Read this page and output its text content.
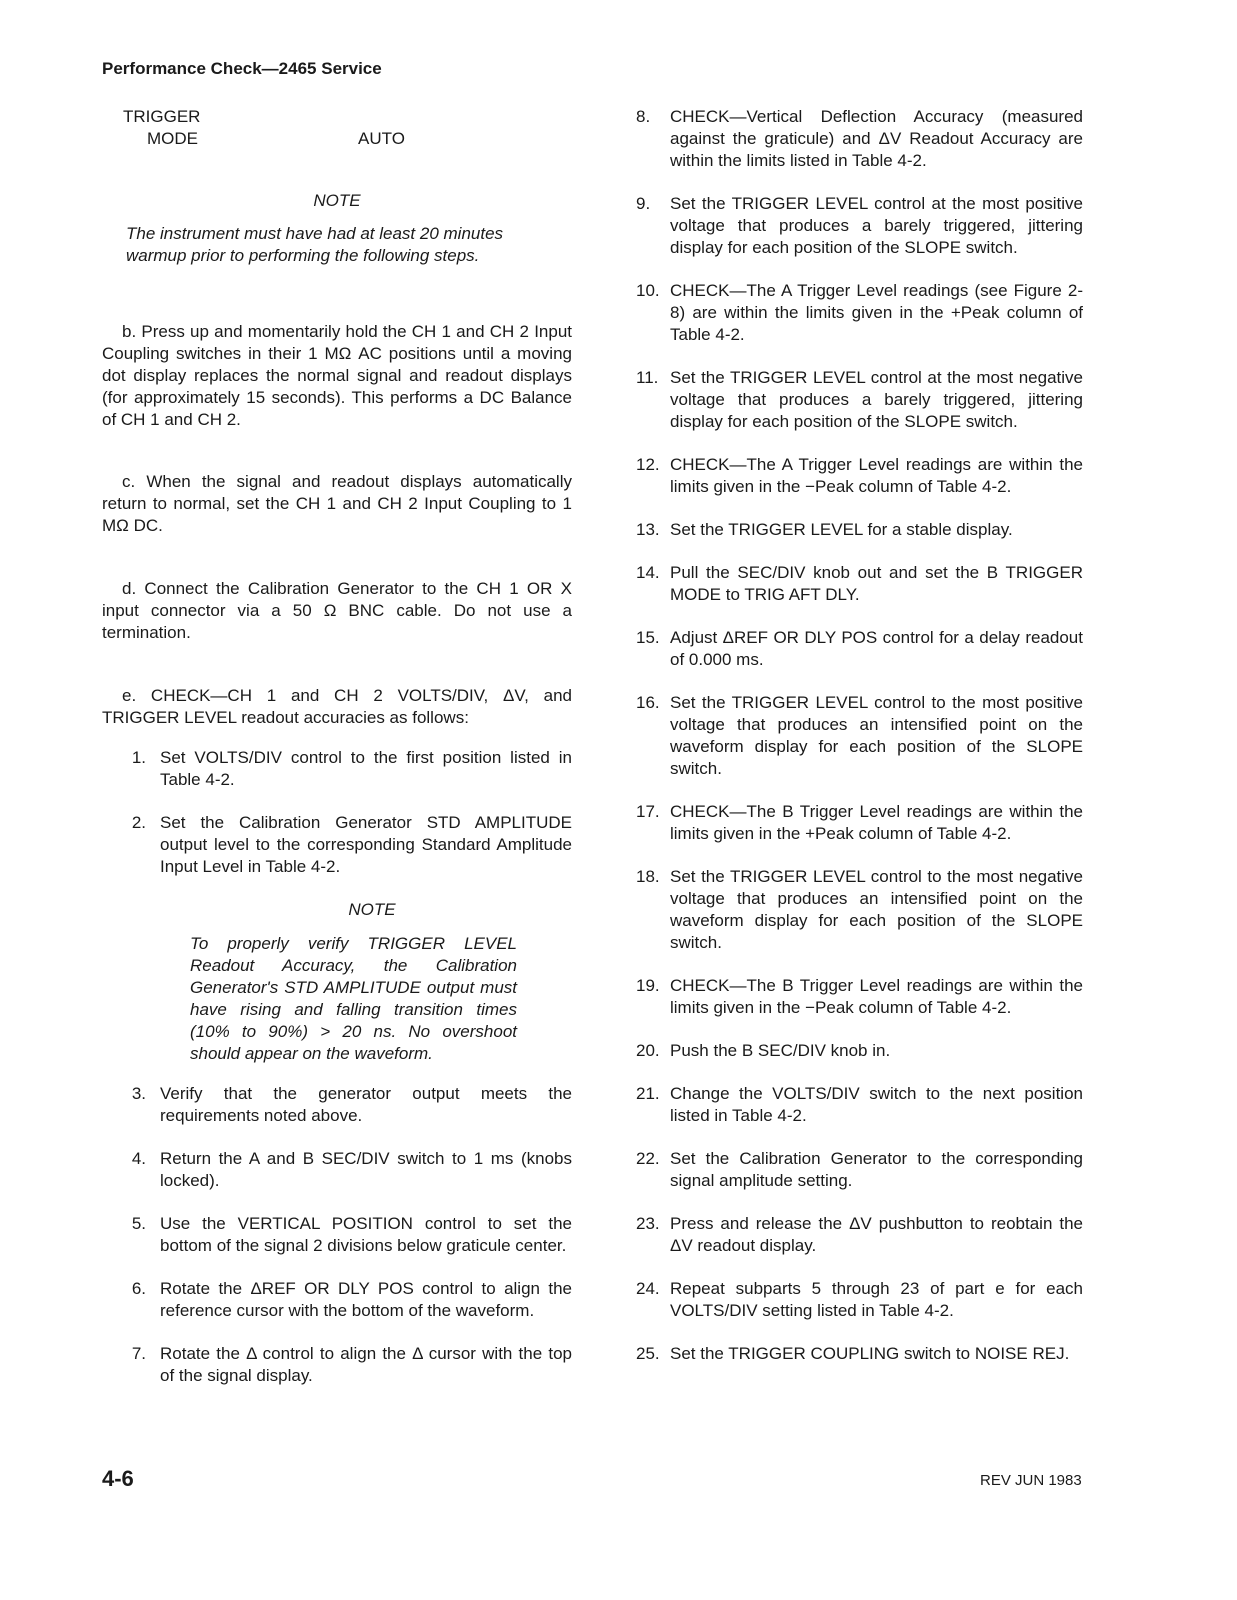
Performance Check—2465 Service
TRIGGER
MODE	AUTO
NOTE
The instrument must have had at least 20 minutes warmup prior to performing the following steps.
b. Press up and momentarily hold the CH 1 and CH 2 Input Coupling switches in their 1 MΩ AC positions until a moving dot display replaces the normal signal and readout displays (for approximately 15 seconds). This performs a DC Balance of CH 1 and CH 2.
c. When the signal and readout displays automatically return to normal, set the CH 1 and CH 2 Input Coupling to 1 MΩ DC.
d. Connect the Calibration Generator to the CH 1 OR X input connector via a 50 Ω BNC cable. Do not use a termination.
e. CHECK—CH 1 and CH 2 VOLTS/DIV, ΔV, and TRIGGER LEVEL readout accuracies as follows:
1. Set VOLTS/DIV control to the first position listed in Table 4-2.
2. Set the Calibration Generator STD AMPLITUDE output level to the corresponding Standard Amplitude Input Level in Table 4-2.
NOTE
To properly verify TRIGGER LEVEL Readout Accuracy, the Calibration Generator's STD AMPLITUDE output must have rising and falling transition times (10% to 90%) > 20 ns. No overshoot should appear on the waveform.
3. Verify that the generator output meets the requirements noted above.
4. Return the A and B SEC/DIV switch to 1 ms (knobs locked).
5. Use the VERTICAL POSITION control to set the bottom of the signal 2 divisions below graticule center.
6. Rotate the ΔREF OR DLY POS control to align the reference cursor with the bottom of the waveform.
7. Rotate the Δ control to align the Δ cursor with the top of the signal display.
8.	CHECK—Vertical Deflection Accuracy (measured against the graticule) and ΔV Readout Accuracy are within the limits listed in Table 4-2.
9.	Set the TRIGGER LEVEL control at the most positive voltage that produces a barely triggered, jittering display for each position of the SLOPE switch.
10. CHECK—The A Trigger Level readings (see Figure 2-8) are within the limits given in the +Peak column of Table 4-2.
11. Set the TRIGGER LEVEL control at the most negative voltage that produces a barely triggered, jittering display for each position of the SLOPE switch.
12. CHECK—The A Trigger Level readings are within the limits given in the −Peak column of Table 4-2.
13. Set the TRIGGER LEVEL for a stable display.
14. Pull the SEC/DIV knob out and set the B TRIGGER MODE to TRIG AFT DLY.
15. Adjust ΔREF OR DLY POS control for a delay readout of 0.000 ms.
16. Set the TRIGGER LEVEL control to the most positive voltage that produces an intensified point on the waveform display for each position of the SLOPE switch.
17. CHECK—The B Trigger Level readings are within the limits given in the +Peak column of Table 4-2.
18. Set the TRIGGER LEVEL control to the most negative voltage that produces an intensified point on the waveform display for each position of the SLOPE switch.
19. CHECK—The B Trigger Level readings are within the limits given in the −Peak column of Table 4-2.
20. Push the B SEC/DIV knob in.
21. Change the VOLTS/DIV switch to the next position listed in Table 4-2.
22. Set the Calibration Generator to the corresponding signal amplitude setting.
23. Press and release the ΔV pushbutton to reobtain the ΔV readout display.
24. Repeat subparts 5 through 23 of part e for each VOLTS/DIV setting listed in Table 4-2.
25. Set the TRIGGER COUPLING switch to NOISE REJ.
4-6	REV JUN 1983
